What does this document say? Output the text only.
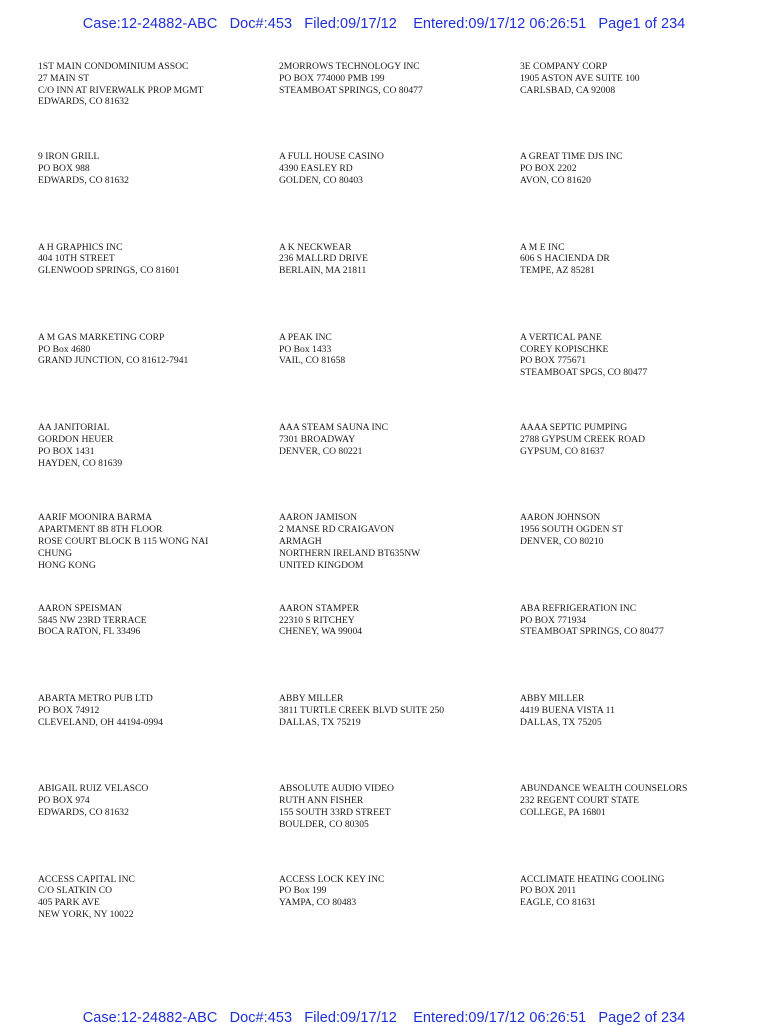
Case:12-24882-ABC   Doc#:453   Filed:09/17/12    Entered:09/17/12 06:26:51   Page1 of 234
1ST MAIN CONDOMINIUM ASSOC
27 MAIN ST
C/O INN AT RIVERWALK PROP MGMT
EDWARDS, CO 81632
2MORROWS TECHNOLOGY INC
PO BOX 774000 PMB 199
STEAMBOAT SPRINGS, CO 80477
3E COMPANY CORP
1905 ASTON AVE SUITE 100
CARLSBAD, CA 92008
9 IRON GRILL
PO BOX 988
EDWARDS, CO 81632
A FULL HOUSE CASINO
4390 EASLEY RD
GOLDEN, CO 80403
A GREAT TIME DJS INC
PO BOX 2202
AVON, CO 81620
A H GRAPHICS INC
404 10TH STREET
GLENWOOD SPRINGS, CO 81601
A K NECKWEAR
236 MALLRD DRIVE
BERLAIN, MA 21811
A M E INC
606 S HACIENDA DR
TEMPE, AZ 85281
A M GAS MARKETING CORP
PO Box 4680
GRAND JUNCTION, CO 81612-7941
A PEAK INC
PO Box 1433
VAIL, CO 81658
A VERTICAL PANE
COREY KOPISCHKE
PO BOX 775671
STEAMBOAT SPGS, CO 80477
AA JANITORIAL
GORDON HEUER
PO BOX 1431
HAYDEN, CO 81639
AAA STEAM SAUNA INC
7301 BROADWAY
DENVER, CO 80221
AAAA SEPTIC PUMPING
2788 GYPSUM CREEK ROAD
GYPSUM, CO 81637
AARIF MOONIRA BARMA
APARTMENT 8B 8TH FLOOR
ROSE COURT BLOCK B 115 WONG NAI
CHUNG
HONG KONG
AARON JAMISON
2 MANSE RD CRAIGAVON
ARMAGH
NORTHERN IRELAND BT635NW
UNITED KINGDOM
AARON JOHNSON
1956 SOUTH OGDEN ST
DENVER, CO 80210
AARON SPEISMAN
5845 NW 23RD TERRACE
BOCA RATON, FL 33496
AARON STAMPER
22310 S RITCHEY
CHENEY, WA 99004
ABA REFRIGERATION INC
PO BOX 771934
STEAMBOAT SPRINGS, CO 80477
ABARTA METRO PUB LTD
PO BOX 74912
CLEVELAND, OH 44194-0994
ABBY MILLER
3811 TURTLE CREEK BLVD SUITE 250
DALLAS, TX 75219
ABBY MILLER
4419 BUENA VISTA 11
DALLAS, TX 75205
ABIGAIL RUIZ VELASCO
PO BOX 974
EDWARDS, CO 81632
ABSOLUTE AUDIO VIDEO
RUTH ANN FISHER
155 SOUTH 33RD STREET
BOULDER, CO 80305
ABUNDANCE WEALTH COUNSELORS
232 REGENT COURT STATE
COLLEGE, PA 16801
ACCESS CAPITAL INC
C/O SLATKIN CO
405 PARK AVE
NEW YORK, NY 10022
ACCESS LOCK KEY INC
PO Box 199
YAMPA, CO 80483
ACCLIMATE HEATING COOLING
PO BOX 2011
EAGLE, CO 81631
Case:12-24882-ABC   Doc#:453   Filed:09/17/12    Entered:09/17/12 06:26:51   Page2 of 234
